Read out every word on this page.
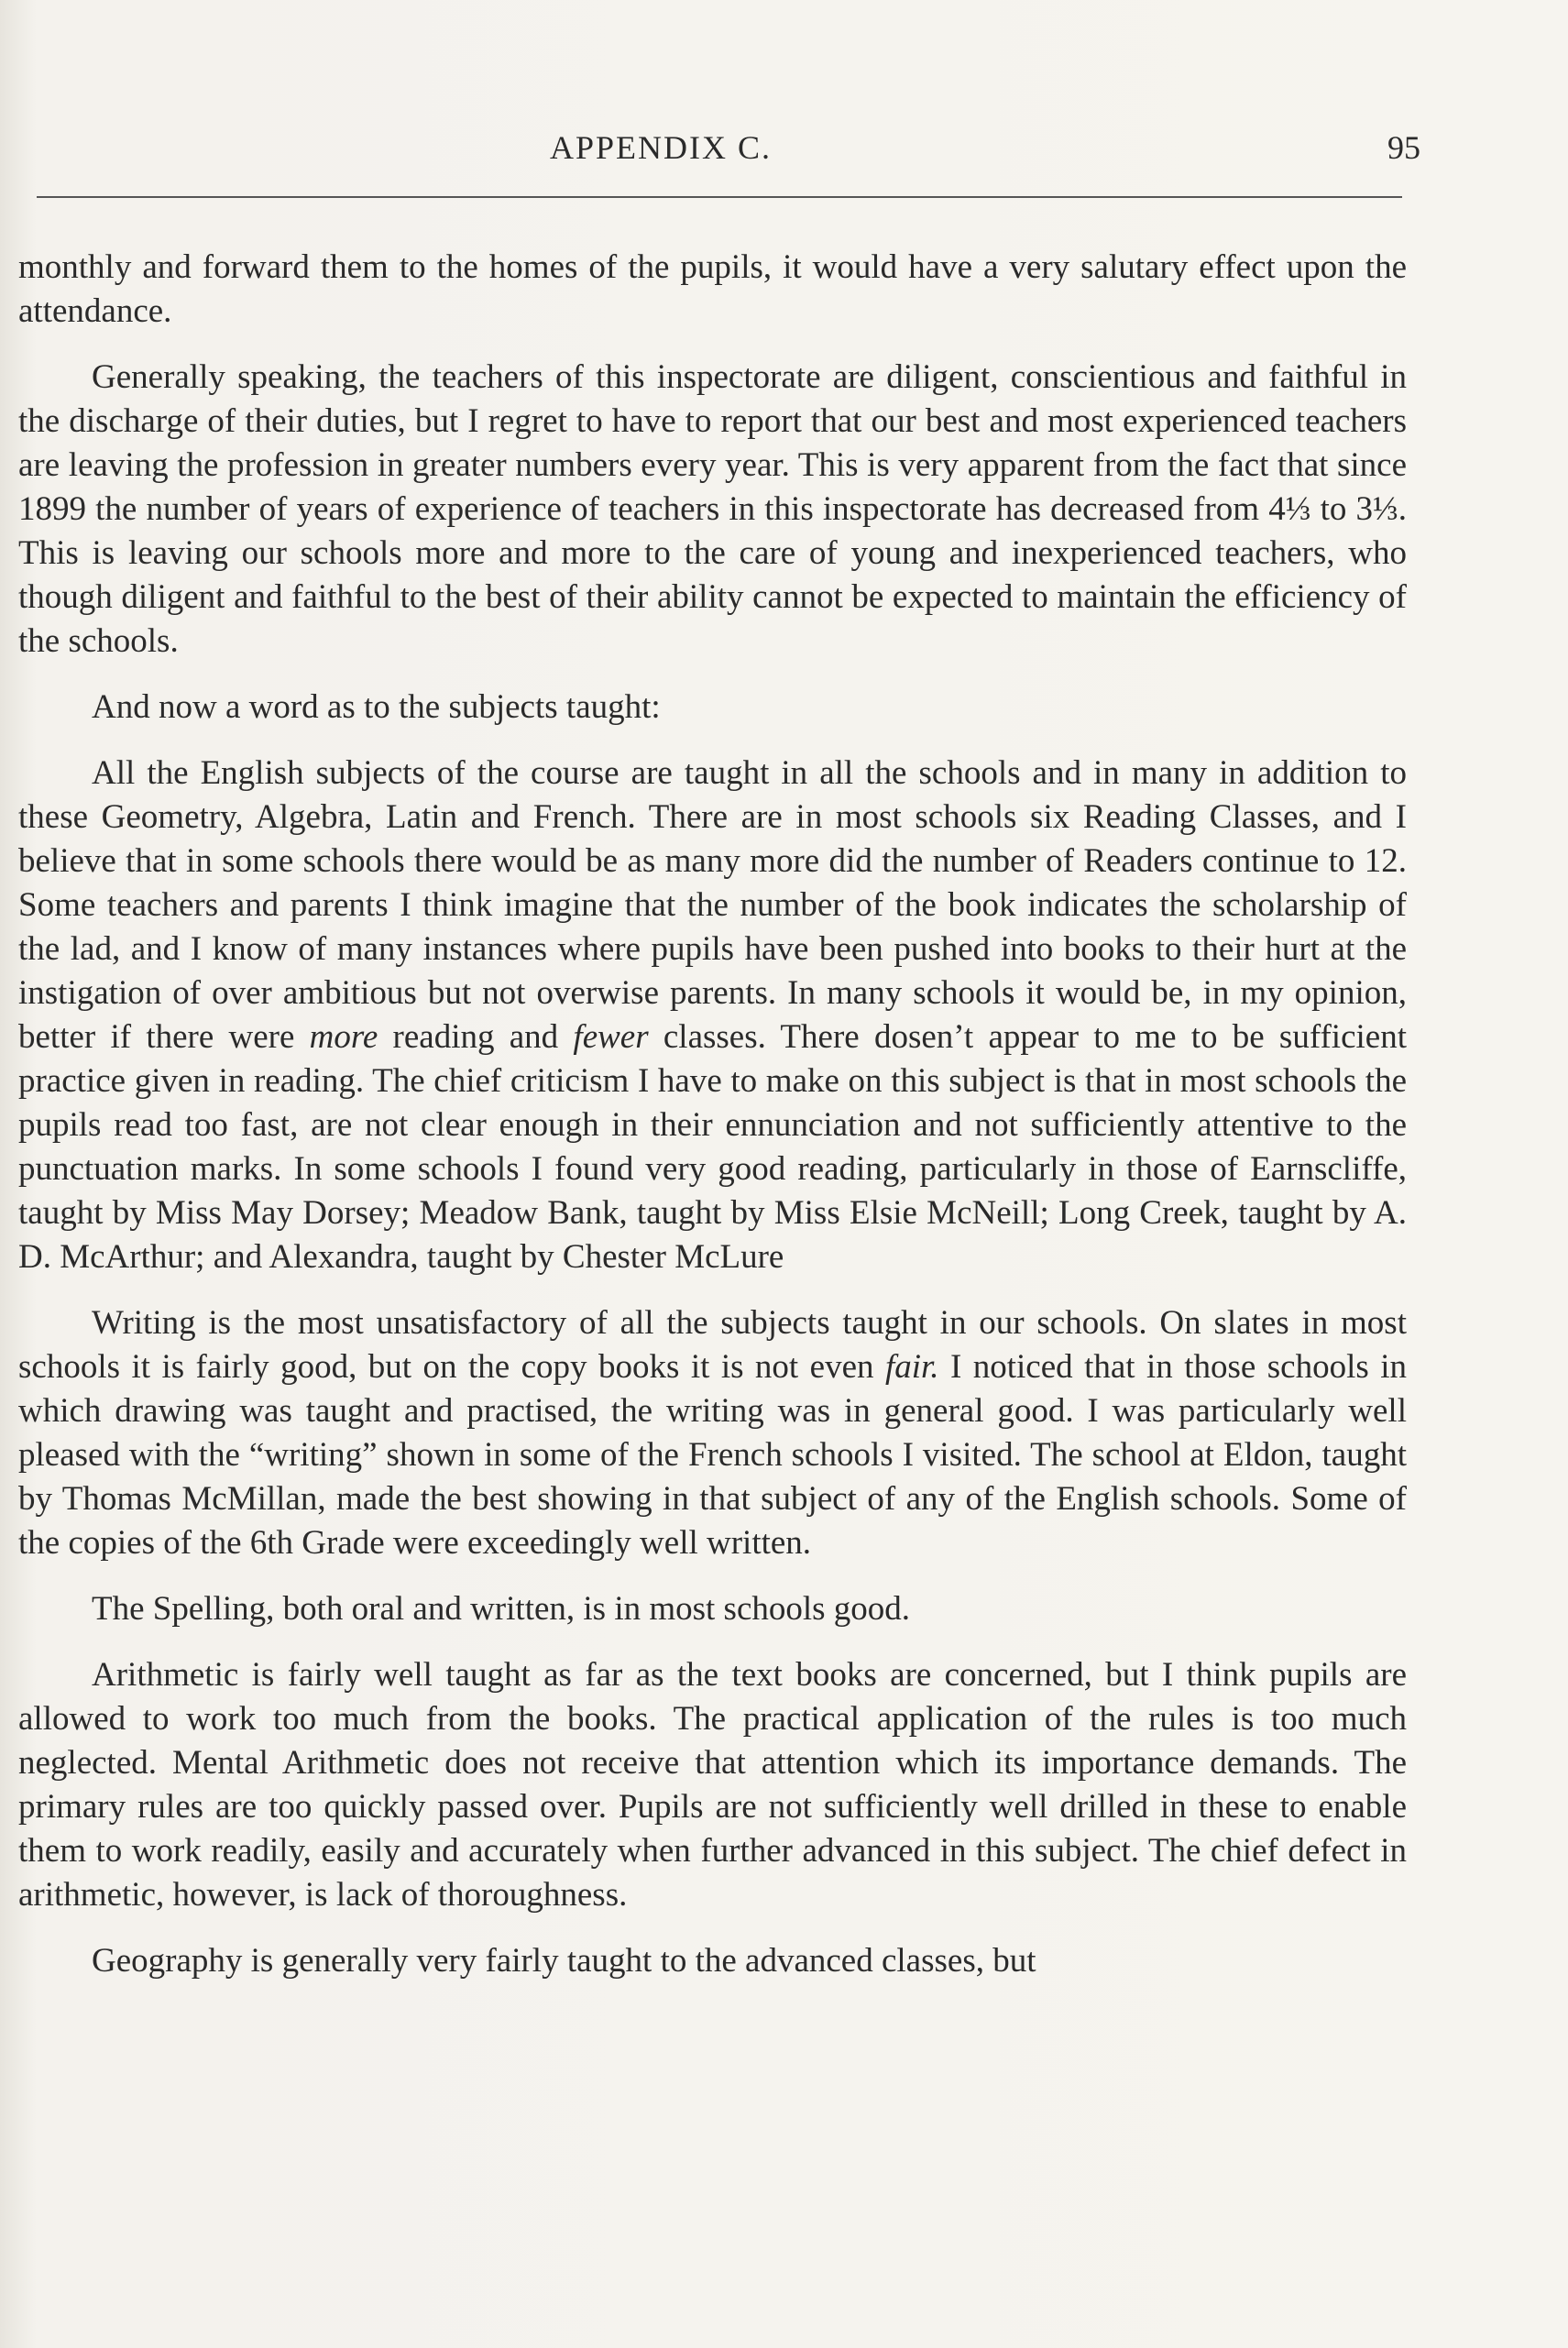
APPENDIX C.	95

monthly and forward them to the homes of the pupils, it would have a very salutary effect upon the attendance.

Generally speaking, the teachers of this inspectorate are diligent, conscientious and faithful in the discharge of their duties, but I regret to have to report that our best and most experienced teachers are leaving the profession in greater numbers every year. This is very apparent from the fact that since 1899 the number of years of experience of teachers in this inspectorate has decreased from 4⅓ to 3⅓. This is leaving our schools more and more to the care of young and inexperienced teachers, who though diligent and faithful to the best of their ability cannot be expected to maintain the efficiency of the schools.

And now a word as to the subjects taught:

All the English subjects of the course are taught in all the schools and in many in addition to these Geometry, Algebra, Latin and French. There are in most schools six Reading Classes, and I believe that in some schools there would be as many more did the number of Readers continue to 12. Some teachers and parents I think imagine that the number of the book indicates the scholarship of the lad, and I know of many instances where pupils have been pushed into books to their hurt at the instigation of over ambitious but not overwise parents. In many schools it would be, in my opinion, better if there were more reading and fewer classes. There dosen’t appear to me to be sufficient practice given in reading. The chief criticism I have to make on this subject is that in most schools the pupils read too fast, are not clear enough in their ennunciation and not sufficiently attentive to the punctuation marks. In some schools I found very good reading, particularly in those of Earnscliffe, taught by Miss May Dorsey; Meadow Bank, taught by Miss Elsie McNeill; Long Creek, taught by A. D. McArthur; and Alexandra, taught by Chester McLure

Writing is the most unsatisfactory of all the subjects taught in our schools. On slates in most schools it is fairly good, but on the copy books it is not even fair. I noticed that in those schools in which drawing was taught and practised, the writing was in general good. I was particularly well pleased with the “writing” shown in some of the French schools I visited. The school at Eldon, taught by Thomas McMillan, made the best showing in that subject of any of the English schools. Some of the copies of the 6th Grade were exceedingly well written.

The Spelling, both oral and written, is in most schools good.

Arithmetic is fairly well taught as far as the text books are concerned, but I think pupils are allowed to work too much from the books. The practical application of the rules is too much neglected. Mental Arithmetic does not receive that attention which its importance demands. The primary rules are too quickly passed over. Pupils are not sufficiently well drilled in these to enable them to work readily, easily and accurately when further advanced in this subject. The chief defect in arithmetic, however, is lack of thoroughness.

Geography is generally very fairly taught to the advanced classes, but
